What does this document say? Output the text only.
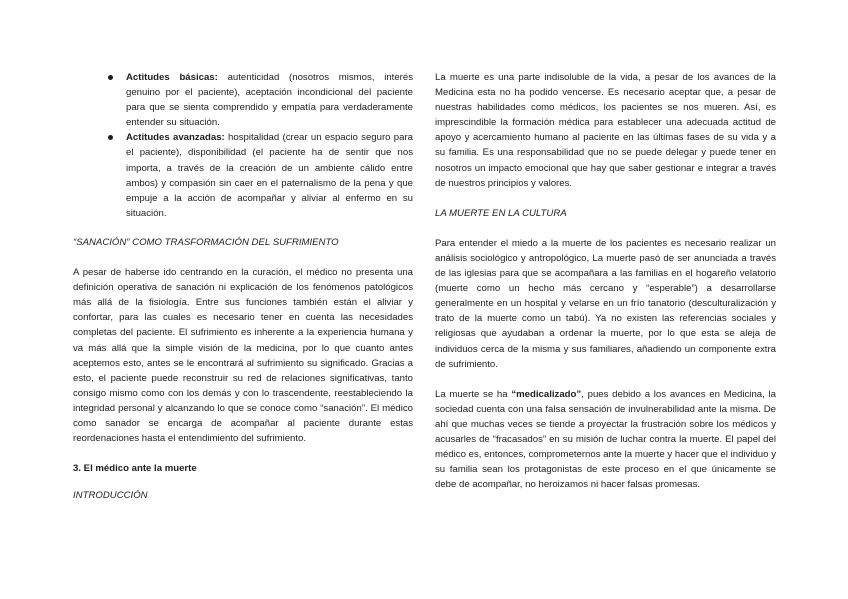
Actitudes básicas: autenticidad (nosotros mismos, interés genuino por el paciente), aceptación incondicional del paciente para que se sienta comprendido y empatía para verdaderamente entender su situación.
Actitudes avanzadas: hospitalidad (crear un espacio seguro para el paciente), disponibilidad (el paciente ha de sentir que nos importa, a través de la creación de un ambiente cálido entre ambos) y compasión sin caer en el paternalismo de la pena y que empuje a la acción de acompañar y aliviar al enfermo en su situación.

“SANACIÓN” COMO TRASFORMACIÓN DEL SUFRIMIENTO

A pesar de haberse ido centrando en la curación, el médico no presenta una definición operativa de sanación ni explicación de los fenómenos patológicos más allá de la fisiología. Entre sus funciones también están el aliviar y confortar, para las cuales es necesario tener en cuenta las necesidades completas del paciente. El sufrimiento es inherente a la experiencia humana y va más allá que la simple visión de la medicina, por lo que cuanto antes aceptemos esto, antes se le encontrará al sufrimiento su significado. Gracias a esto, el paciente puede reconstruir su red de relaciones significativas, tanto consigo mismo como con los demás y con lo trascendente, reestableciendo la integridad personal y alcanzando lo que se conoce como “sanación”. El médico como sanador se encarga de acompañar al paciente durante estas reordenaciones hasta el entendimiento del sufrimiento.

3. El médico ante la muerte

INTRODUCCIÓN

La muerte es una parte indisoluble de la vida, a pesar de los avances de la Medicina esta no ha podido vencerse. Es necesario aceptar que, a pesar de nuestras habilidades como médicos, los pacientes se nos mueren. Así, es imprescindible la formación médica para establecer una adecuada actitud de apoyo y acercamiento humano al paciente en las últimas fases de su vida y a su familia. Es una responsabilidad que no se puede delegar y puede tener en nosotros un impacto emocional que hay que saber gestionar e integrar a través de nuestros principios y valores.

LA MUERTE EN LA CULTURA

Para entender el miedo a la muerte de los pacientes es necesario realizar un análisis sociológico y antropológico, La muerte pasó de ser anunciada a través de las iglesias para que se acompañara a las familias en el hogareño velatorio (muerte como un hecho más cercano y “esperable”) a desarrollarse generalmente en un hospital y velarse en un frío tanatorio (desculturalización y trato de la muerte como un tabú). Ya no existen las referencias sociales y religiosas que ayudaban a ordenar la muerte, por lo que esta se aleja de individuos cerca de la misma y sus familiares, añadiendo un componente extra de sufrimiento.

La muerte se ha “medicalizado”, pues debido a los avances en Medicina, la sociedad cuenta con una falsa sensación de invulnerabilidad ante la misma. De ahí que muchas veces se tiende a proyectar la frustración sobre los médicos y acusarles de “fracasados” en su misión de luchar contra la muerte. El papel del médico es, entonces, comprometernos ante la muerte y hacer que el individuo y su familia sean los protagonistas de este proceso en el que únicamente se debe de acompañar, no heroizamos ni hacer falsas promesas.
